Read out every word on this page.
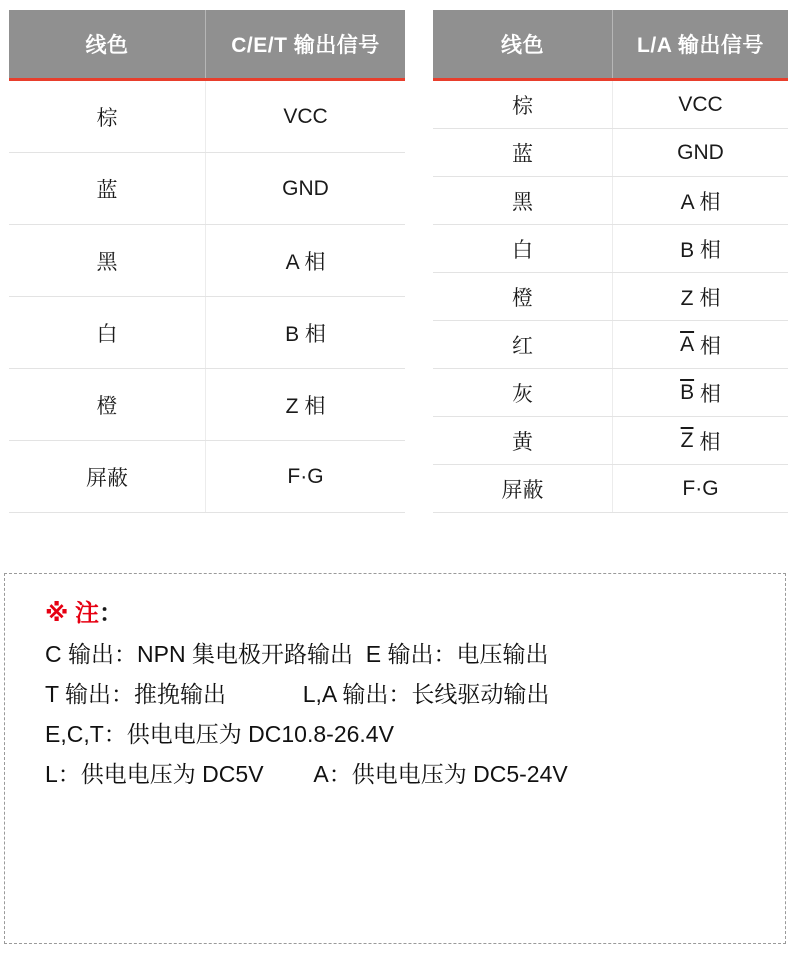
线色	C/E/T 输出信号
棕	VCC
蓝	GND
黑	A 相
白	B 相
橙	Z 相
屏蔽	F·G
线色	L/A 输出信号
棕	VCC
蓝	GND
黑	A 相
白	B 相
橙	Z 相
红	$\overline{A}$ 相
灰	$\overline{B}$ 相
黄	$\overline{Z}$ 相
屏蔽	F·G
※ 注：
C 输出：NPN 集电极开路输出  E 输出：电压输出
T 输出：推挽输出            L,A 输出：长线驱动输出
E,C,T：供电电压为 DC10.8-26.4V
L：供电电压为 DC5V        A：供电电压为 DC5-24V
